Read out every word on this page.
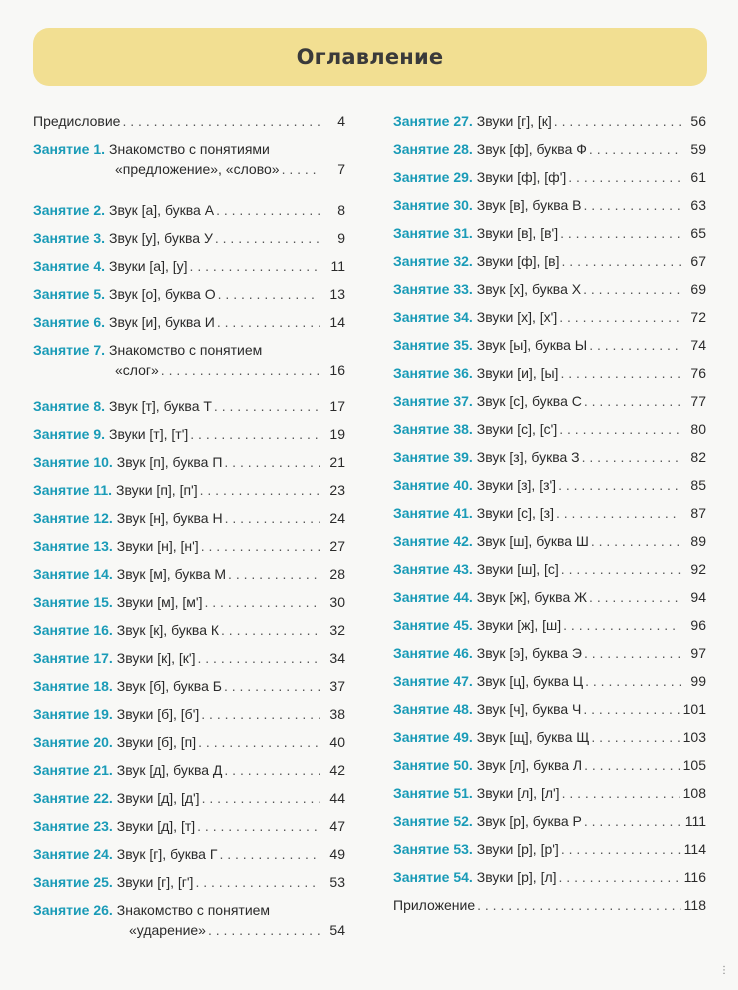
Оглавление
Предисловие . . .	4
Занятие 1. Знакомство с понятиями
«предложение», «слово» . . .	7
Занятие 2. Звук [а], буква А . . .	8
Занятие 3. Звук [у], буква У . . .	9
Занятие 4. Звуки [а], [у] . . .	11
Занятие 5. Звук [о], буква О . . .	13
Занятие 6. Звук [и], буква И . . .	14
Занятие 7. Знакомство с понятием
«слог» . . .	16
Занятие 8. Звук [т], буква Т . . .	17
Занятие 9. Звуки [т], [т'] . . .	19
Занятие 10. Звук [п], буква П . . .	21
Занятие 11. Звуки [п], [п'] . . .	23
Занятие 12. Звук [н], буква Н . . .	24
Занятие 13. Звуки [н], [н'] . . .	27
Занятие 14. Звук [м], буква М . . .	28
Занятие 15. Звуки [м], [м'] . . .	30
Занятие 16. Звук [к], буква К . . .	32
Занятие 17. Звуки [к], [к'] . . .	34
Занятие 18. Звук [б], буква Б . . .	37
Занятие 19. Звуки [б], [б'] . . .	38
Занятие 20. Звуки [б], [п] . . .	40
Занятие 21. Звук [д], буква Д . . .	42
Занятие 22. Звуки [д], [д'] . . .	44
Занятие 23. Звуки [д], [т] . . .	47
Занятие 24. Звук [г], буква Г . . .	49
Занятие 25. Звуки [г], [г'] . . .	53
Занятие 26. Знакомство с понятием
«ударение» . . .	54
Занятие 27. Звуки [г], [к] . . .	56
Занятие 28. Звук [ф], буква Ф . . .	59
Занятие 29. Звуки [ф], [ф'] . . .	61
Занятие 30. Звук [в], буква В . . .	63
Занятие 31. Звуки [в], [в'] . . .	65
Занятие 32. Звуки [ф], [в] . . .	67
Занятие 33. Звук [х], буква Х . . .	69
Занятие 34. Звуки [х], [х'] . . .	72
Занятие 35. Звук [ы], буква Ы . . .	74
Занятие 36. Звуки [и], [ы] . . .	76
Занятие 37. Звук [с], буква С . . .	77
Занятие 38. Звуки [с], [с'] . . .	80
Занятие 39. Звук [з], буква З . . .	82
Занятие 40. Звуки [з], [з'] . . .	85
Занятие 41. Звуки [с], [з] . . .	87
Занятие 42. Звук [ш], буква Ш . . .	89
Занятие 43. Звуки [ш], [с] . . .	92
Занятие 44. Звук [ж], буква Ж . . .	94
Занятие 45. Звуки [ж], [ш] . . .	96
Занятие 46. Звук [э], буква Э . . .	97
Занятие 47. Звук [ц], буква Ц . . .	99
Занятие 48. Звук [ч], буква Ч . . .	101
Занятие 49. Звук [щ], буква Щ . . .	103
Занятие 50. Звук [л], буква Л . . .	105
Занятие 51. Звуки [л], [л'] . . .	108
Занятие 52. Звук [р], буква Р . . .	111
Занятие 53. Звуки [р], [р'] . . .	114
Занятие 54. Звуки [р], [л] . . .	116
Приложение . . .	118
⋮
